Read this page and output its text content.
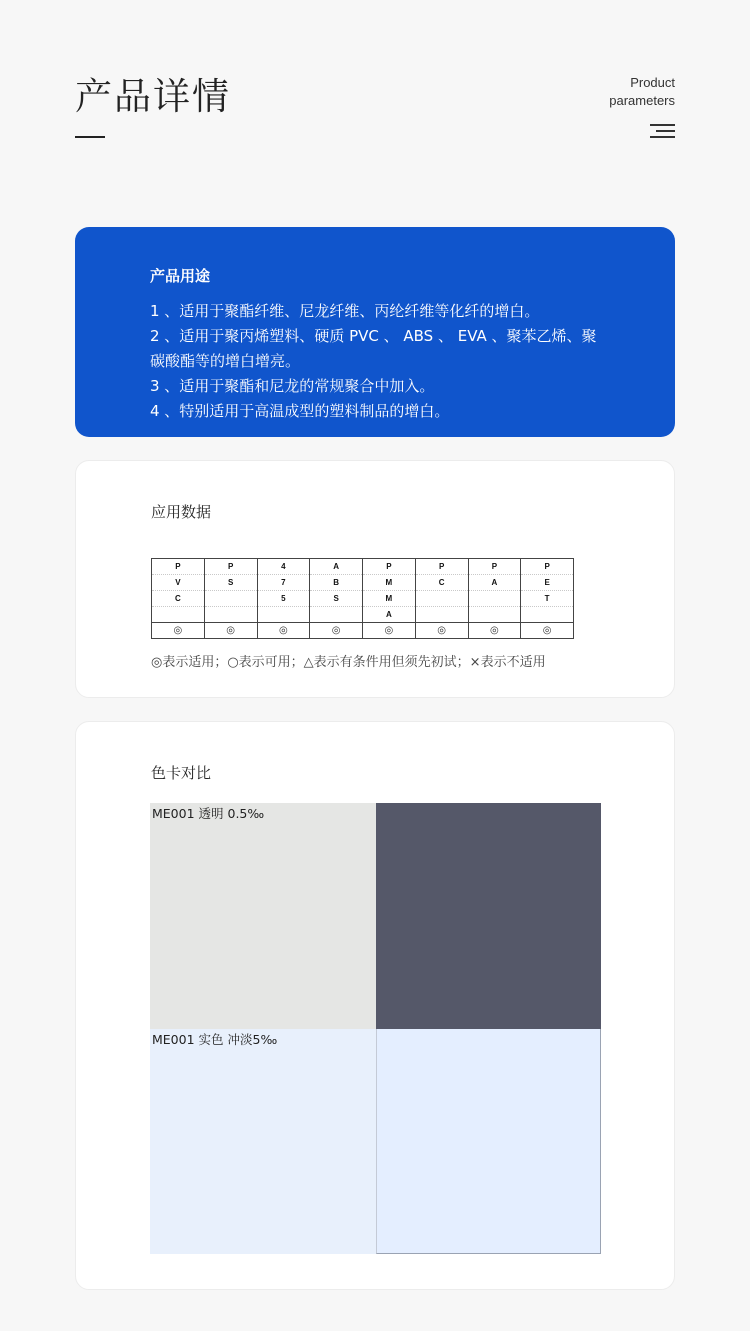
产品详情	Product
parameters
产品用途
1 、适用于聚酯纤维、尼龙纤维、丙纶纤维等化纤的增白。
2 、适用于聚丙烯塑料、硬质 PVC 、 ABS 、 EVA 、聚苯乙烯、聚碳酸酯等的增白增亮。
3 、适用于聚酯和尼龙的常规聚合中加入。
4 、特别适用于高温成型的塑料制品的增白。
应用数据
P	P	4	A	P	P	P	P
V	S	7	B	M	C	A	E
C		5	S	M			T
				A			
◎	◎	◎	◎	◎	◎	◎	◎

◎表示适用；○表示可用；△表示有条件用但须先初试；×表示不适用

色卡对比
ME001 透明 0.5‰
ME001 实色 冲淡5‰
